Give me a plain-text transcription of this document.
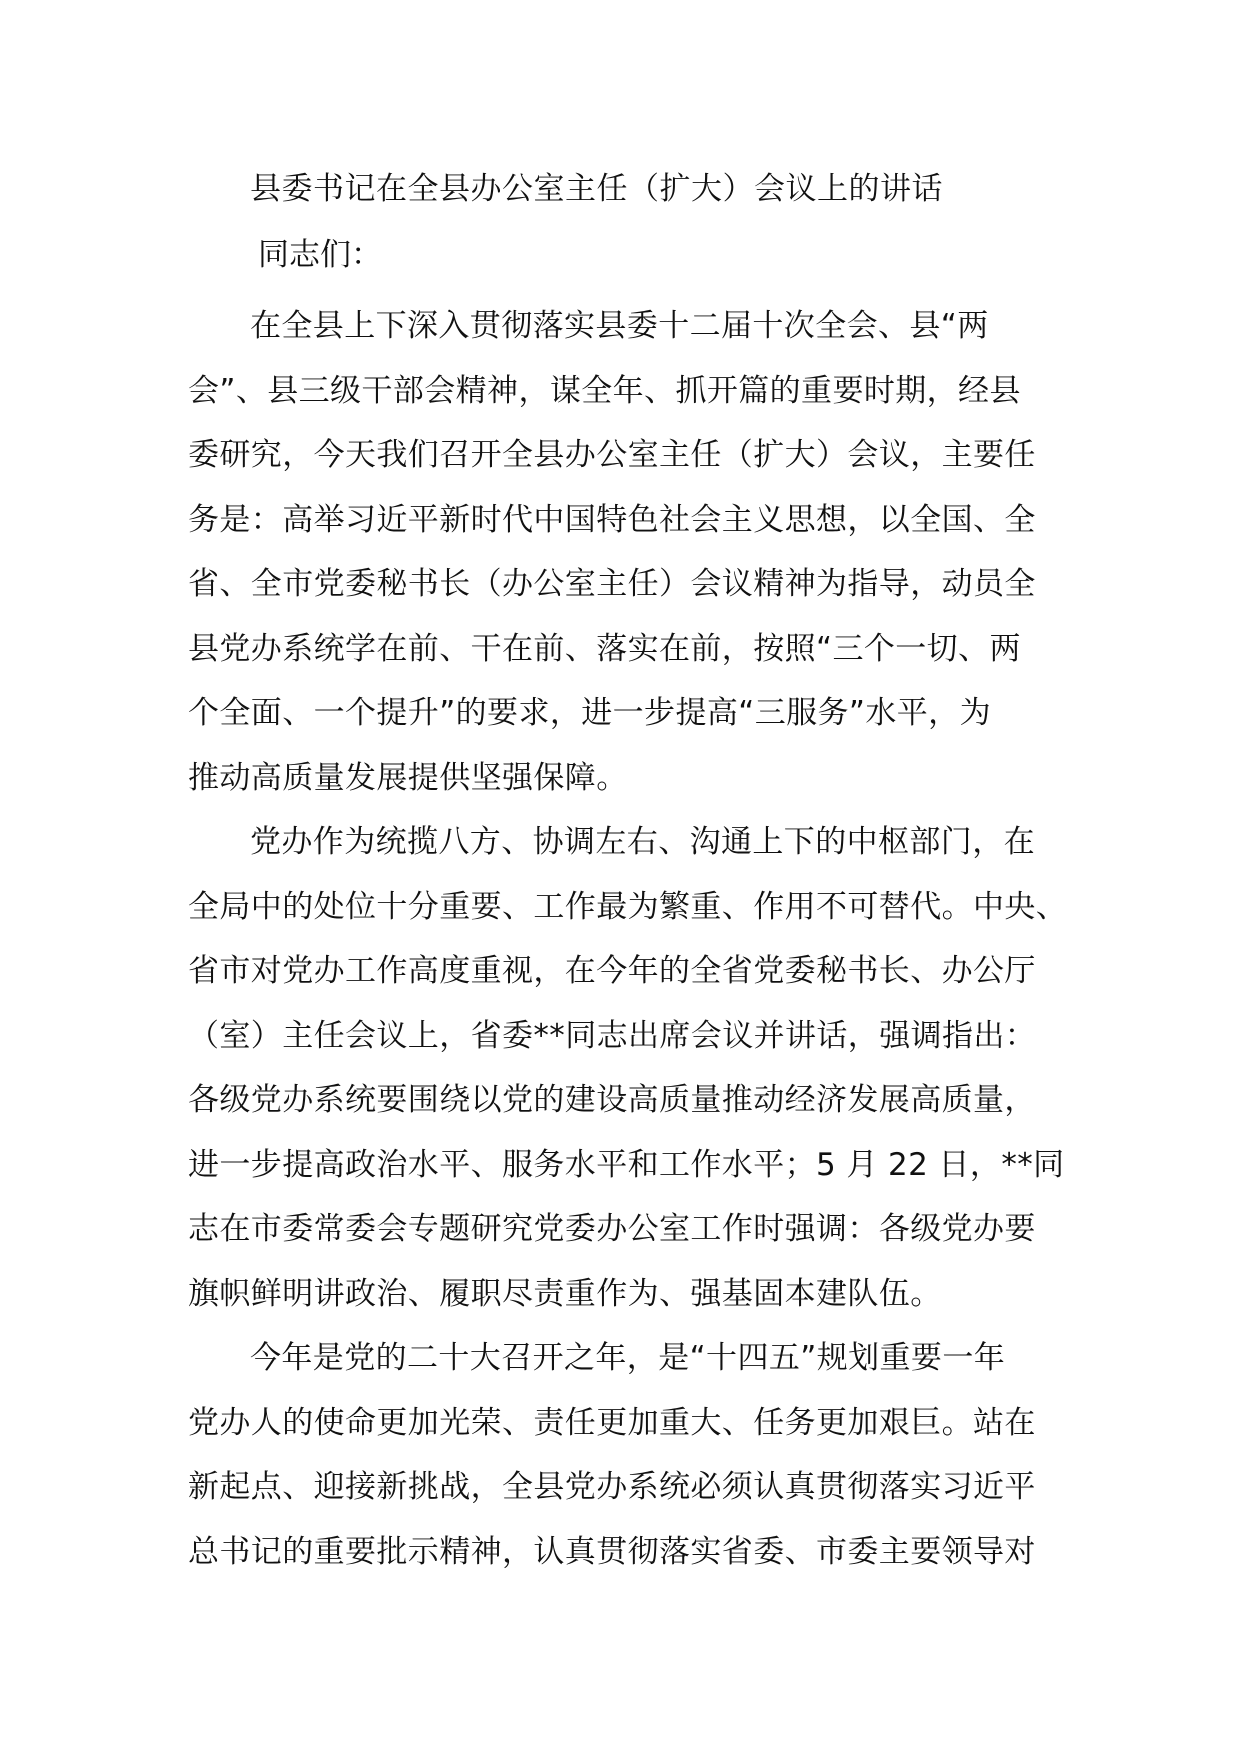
县委书记在全县办公室主任（扩大）会议上的讲话
同志们：
在全县上下深入贯彻落实县委十二届十次全会、县“两
会”、县三级干部会精神，谋全年、抓开篇的重要时期，经县
委研究，今天我们召开全县办公室主任（扩大）会议，主要任
务是：高举习近平新时代中国特色社会主义思想，以全国、全
省、全市党委秘书长（办公室主任）会议精神为指导，动员全
县党办系统学在前、干在前、落实在前，按照“三个一切、两
个全面、一个提升”的要求，进一步提高“三服务”水平，为
推动高质量发展提供坚强保障。
党办作为统揽八方、协调左右、沟通上下的中枢部门，在
全局中的处位十分重要、工作最为繁重、作用不可替代。中央、
省市对党办工作高度重视，在今年的全省党委秘书长、办公厅
（室）主任会议上，省委**同志出席会议并讲话，强调指出：
各级党办系统要围绕以党的建设高质量推动经济发展高质量，
进一步提高政治水平、服务水平和工作水平；5 月 22 日，**同
志在市委常委会专题研究党委办公室工作时强调：各级党办要
旗帜鲜明讲政治、履职尽责重作为、强基固本建队伍。
今年是党的二十大召开之年，是“十四五”规划重要一年
党办人的使命更加光荣、责任更加重大、任务更加艰巨。站在
新起点、迎接新挑战，全县党办系统必须认真贯彻落实习近平
总书记的重要批示精神，认真贯彻落实省委、市委主要领导对
